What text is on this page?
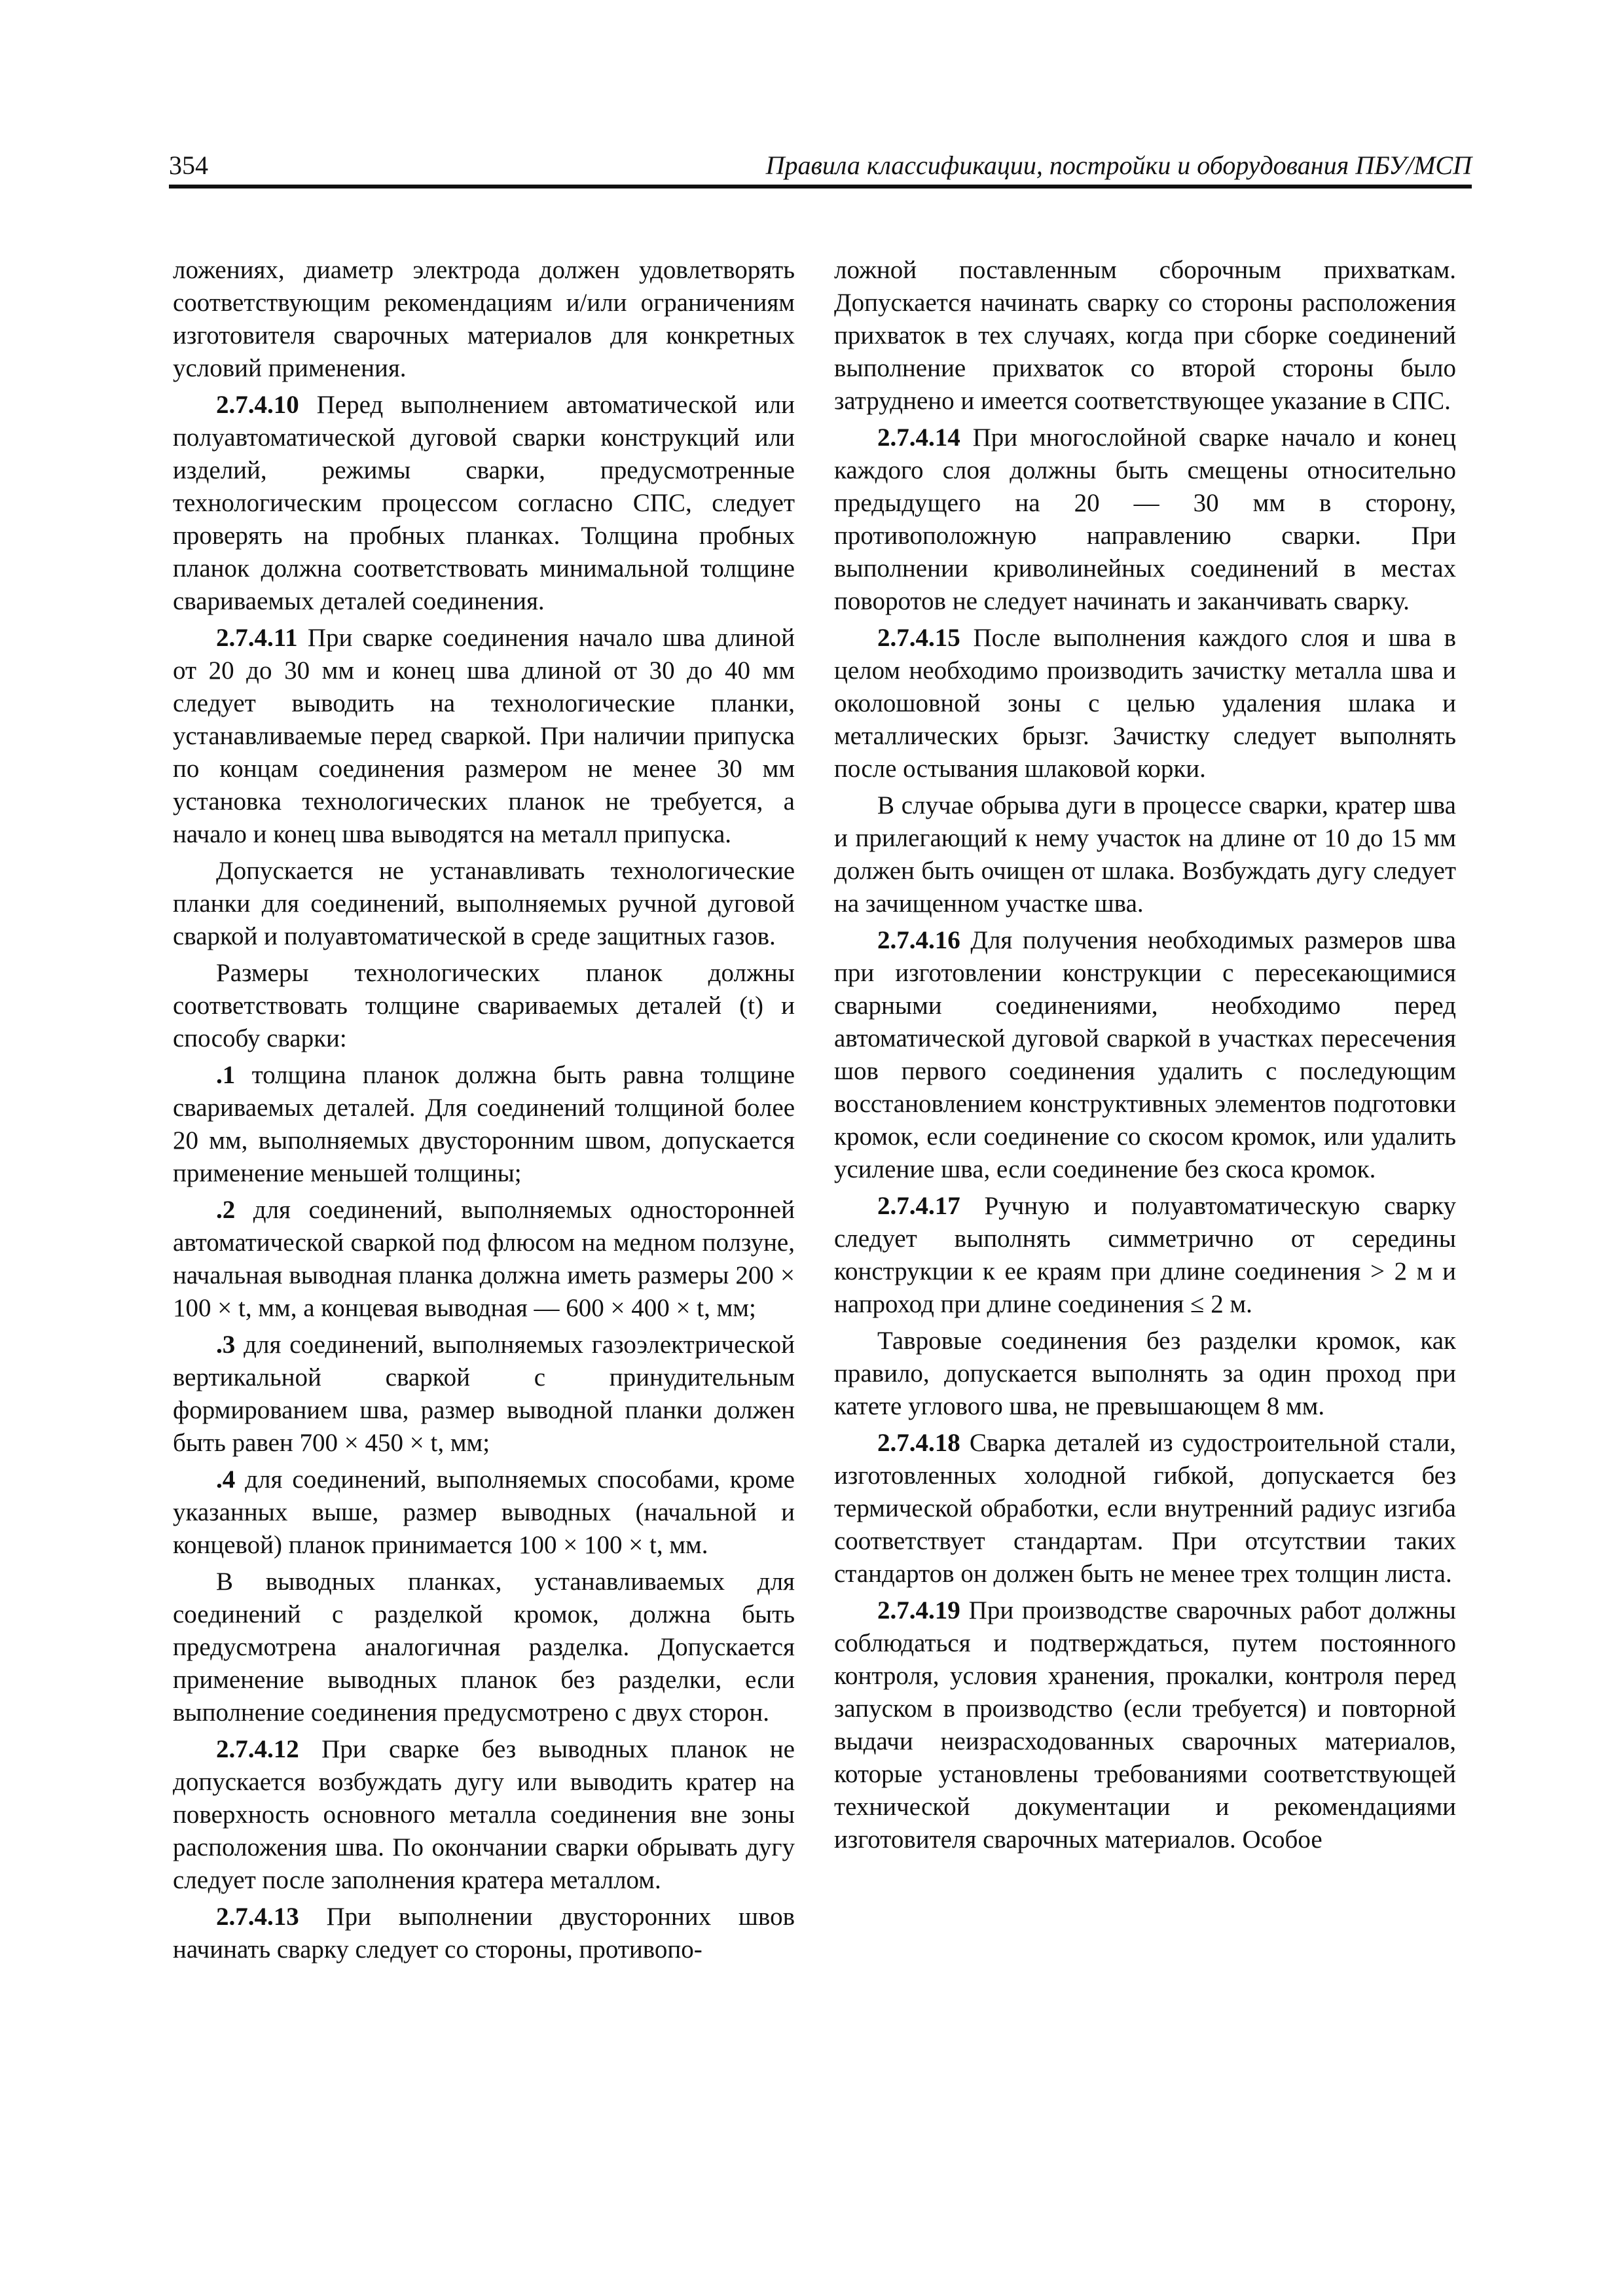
354	Правила классификации, постройки и оборудования ПБУ/МСП

ложениях, диаметр электрода должен удовлетворять соответствующим рекомендациям и/или ограничениям изготовителя сварочных материалов для конкретных условий применения.

2.7.4.10 Перед выполнением автоматической или полуавтоматической дуговой сварки конструкций или изделий, режимы сварки, предусмотренные технологическим процессом согласно СПС, следует проверять на пробных планках. Толщина пробных планок должна соответствовать минимальной толщине свариваемых деталей соединения.

2.7.4.11 При сварке соединения начало шва длиной от 20 до 30 мм и конец шва длиной от 30 до 40 мм следует выводить на технологические планки, устанавливаемые перед сваркой. При наличии припуска по концам соединения размером не менее 30 мм установка технологических планок не требуется, а начало и конец шва выводятся на металл припуска.

Допускается не устанавливать технологические планки для соединений, выполняемых ручной дуговой сваркой и полуавтоматической в среде защитных газов.

Размеры технологических планок должны соответствовать толщине свариваемых деталей (t) и способу сварки:

.1 толщина планок должна быть равна толщине свариваемых деталей. Для соединений толщиной более 20 мм, выполняемых двусторонним швом, допускается применение меньшей толщины;

.2 для соединений, выполняемых односторонней автоматической сваркой под флюсом на медном ползуне, начальная выводная планка должна иметь размеры 200 × 100 × t, мм, а концевая выводная — 600 × 400 × t, мм;

.3 для соединений, выполняемых газоэлектрической вертикальной сваркой с принудительным формированием шва, размер выводной планки должен быть равен 700 × 450 × t, мм;

.4 для соединений, выполняемых способами, кроме указанных выше, размер выводных (начальной и концевой) планок принимается 100 × 100 × t, мм.

В выводных планках, устанавливаемых для соединений с разделкой кромок, должна быть предусмотрена аналогичная разделка. Допускается применение выводных планок без разделки, если выполнение соединения предусмотрено с двух сторон.

2.7.4.12 При сварке без выводных планок не допускается возбуждать дугу или выводить кратер на поверхность основного металла соединения вне зоны расположения шва. По окончании сварки обрывать дугу следует после заполнения кратера металлом.

2.7.4.13 При выполнении двусторонних швов начинать сварку следует со стороны, противопо-

ложной поставленным сборочным прихваткам. Допускается начинать сварку со стороны расположения прихваток в тех случаях, когда при сборке соединений выполнение прихваток со второй стороны было затруднено и имеется соответствующее указание в СПС.

2.7.4.14 При многослойной сварке начало и конец каждого слоя должны быть смещены относительно предыдущего на 20 — 30 мм в сторону, противоположную направлению сварки. При выполнении криволинейных соединений в местах поворотов не следует начинать и заканчивать сварку.

2.7.4.15 После выполнения каждого слоя и шва в целом необходимо производить зачистку металла шва и околошовной зоны с целью удаления шлака и металлических брызг. Зачистку следует выполнять после остывания шлаковой корки.

В случае обрыва дуги в процессе сварки, кратер шва и прилегающий к нему участок на длине от 10 до 15 мм должен быть очищен от шлака. Возбуждать дугу следует на зачищенном участке шва.

2.7.4.16 Для получения необходимых размеров шва при изготовлении конструкции с пересекающимися сварными соединениями, необходимо перед автоматической дуговой сваркой в участках пересечения шов первого соединения удалить с последующим восстановлением конструктивных элементов подготовки кромок, если соединение со скосом кромок, или удалить усиление шва, если соединение без скоса кромок.

2.7.4.17 Ручную и полуавтоматическую сварку следует выполнять симметрично от середины конструкции к ее краям при длине соединения > 2 м и напроход при длине соединения ≤ 2 м.

Тавровые соединения без разделки кромок, как правило, допускается выполнять за один проход при катете углового шва, не превышающем 8 мм.

2.7.4.18 Сварка деталей из судостроительной стали, изготовленных холодной гибкой, допускается без термической обработки, если внутренний радиус изгиба соответствует стандартам. При отсутствии таких стандартов он должен быть не менее трех толщин листа.

2.7.4.19 При производстве сварочных работ должны соблюдаться и подтверждаться, путем постоянного контроля, условия хранения, прокалки, контроля перед запуском в производство (если требуется) и повторной выдачи неизрасходованных сварочных материалов, которые установлены требованиями соответствующей технической документации и рекомендациями изготовителя сварочных материалов. Особое
